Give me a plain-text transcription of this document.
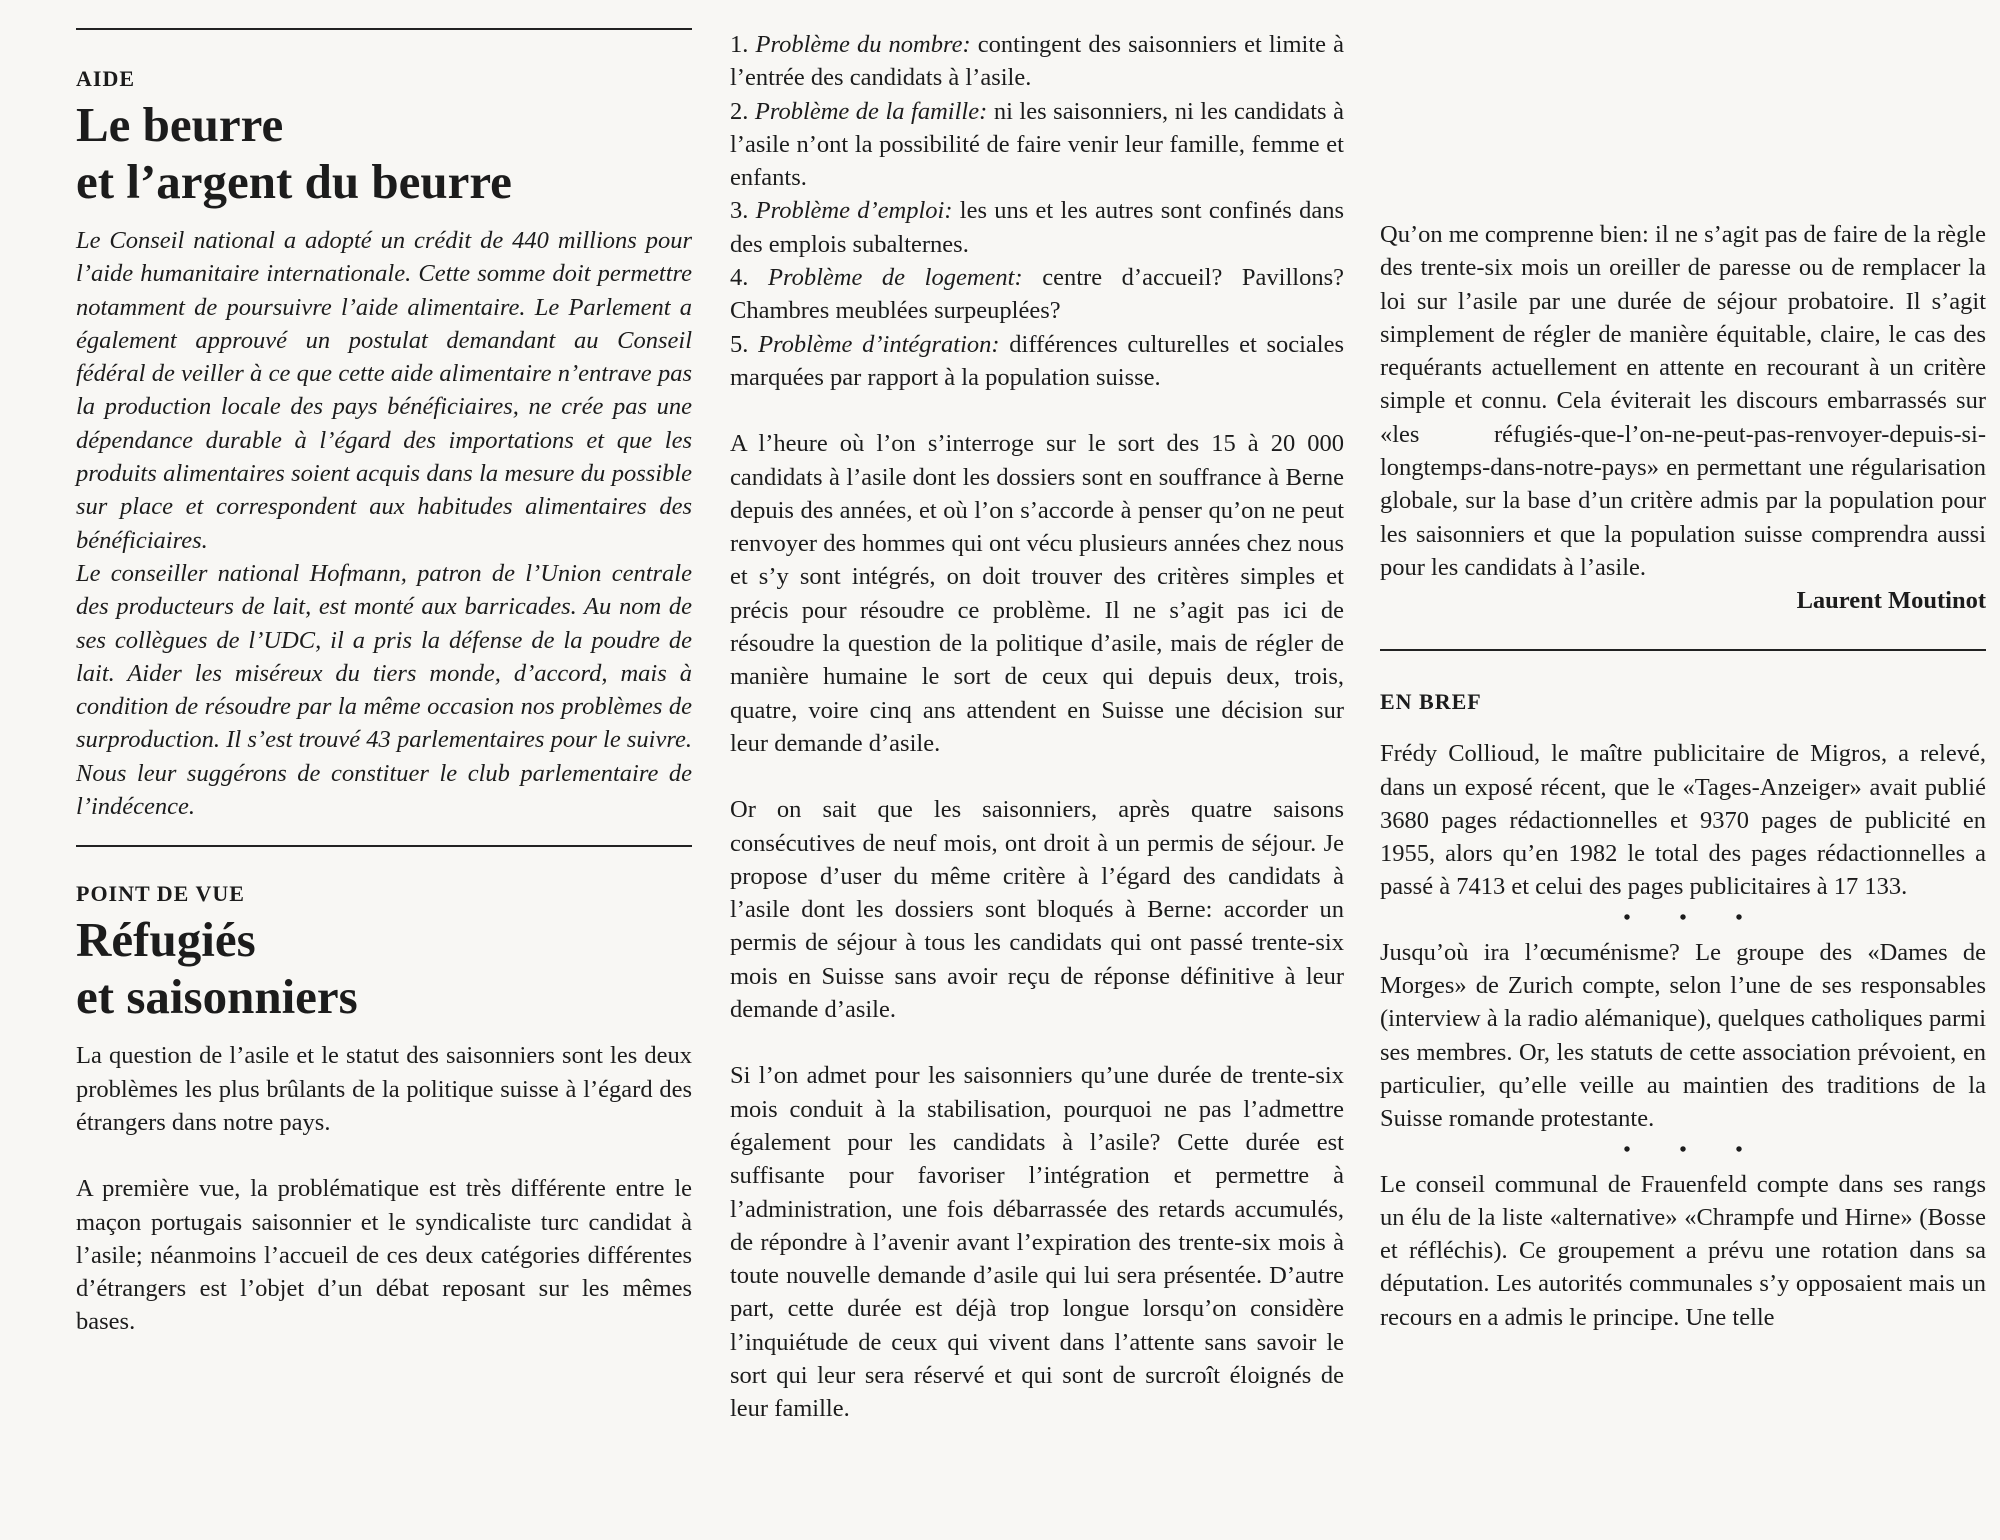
AIDE
Le beurre
et l’argent du beurre

Le Conseil national a adopté un crédit de 440 millions pour l’aide humanitaire internationale. Cette somme doit permettre notamment de poursuivre l’aide alimentaire. Le Parlement a également approuvé un postulat demandant au Conseil fédéral de veiller à ce que cette aide alimentaire n’entrave pas la production locale des pays bénéficiaires, ne crée pas une dépendance durable à l’égard des importations et que les produits alimentaires soient acquis dans la mesure du possible sur place et correspondent aux habitudes alimentaires des bénéficiaires.

Le conseiller national Hofmann, patron de l’Union centrale des producteurs de lait, est monté aux barricades. Au nom de ses collègues de l’UDC, il a pris la défense de la poudre de lait. Aider les miséreux du tiers monde, d’accord, mais à condition de résoudre par la même occasion nos problèmes de surproduction. Il s’est trouvé 43 parlementaires pour le suivre. Nous leur suggérons de constituer le club parlementaire de l’indécence.

POINT DE VUE
Réfugiés
et saisonniers

La question de l’asile et le statut des saisonniers sont les deux problèmes les plus brûlants de la politique suisse à l’égard des étrangers dans notre pays.

A première vue, la problématique est très différente entre le maçon portugais saisonnier et le syndicaliste turc candidat à l’asile; néanmoins l’accueil de ces deux catégories différentes d’étrangers est l’objet d’un débat reposant sur les mêmes bases.

1. Problème du nombre: contingent des saisonniers et limite à l’entrée des candidats à l’asile.

2. Problème de la famille: ni les saisonniers, ni les candidats à l’asile n’ont la possibilité de faire venir leur famille, femme et enfants.

3. Problème d’emploi: les uns et les autres sont confinés dans des emplois subalternes.

4. Problème de logement: centre d’accueil? Pavillons? Chambres meublées surpeuplées?

5. Problème d’intégration: différences culturelles et sociales marquées par rapport à la population suisse.

A l’heure où l’on s’interroge sur le sort des 15 à 20 000 candidats à l’asile dont les dossiers sont en souffrance à Berne depuis des années, et où l’on s’accorde à penser qu’on ne peut renvoyer des hommes qui ont vécu plusieurs années chez nous et s’y sont intégrés, on doit trouver des critères simples et précis pour résoudre ce problème. Il ne s’agit pas ici de résoudre la question de la politique d’asile, mais de régler de manière humaine le sort de ceux qui depuis deux, trois, quatre, voire cinq ans attendent en Suisse une décision sur leur demande d’asile.

Or on sait que les saisonniers, après quatre saisons consécutives de neuf mois, ont droit à un permis de séjour. Je propose d’user du même critère à l’égard des candidats à l’asile dont les dossiers sont bloqués à Berne: accorder un permis de séjour à tous les candidats qui ont passé trente-six mois en Suisse sans avoir reçu de réponse définitive à leur demande d’asile.

Si l’on admet pour les saisonniers qu’une durée de trente-six mois conduit à la stabilisation, pourquoi ne pas l’admettre également pour les candidats à l’asile? Cette durée est suffisante pour favoriser l’intégration et permettre à l’administration, une fois débarrassée des retards accumulés, de répondre à l’avenir avant l’expiration des trente-six mois à toute nouvelle demande d’asile qui lui sera présentée. D’autre part, cette durée est déjà trop longue lorsqu’on considère l’inquiétude de ceux qui vivent dans l’attente sans savoir le sort qui leur sera réservé et qui sont de surcroît éloignés de leur famille.

Qu’on me comprenne bien: il ne s’agit pas de faire de la règle des trente-six mois un oreiller de paresse ou de remplacer la loi sur l’asile par une durée de séjour probatoire. Il s’agit simplement de régler de manière équitable, claire, le cas des requérants actuellement en attente en recourant à un critère simple et connu. Cela éviterait les discours embarrassés sur «les réfugiés-que-l’on-ne-peut-pas-renvoyer-depuis-si-longtemps-dans-notre-pays» en permettant une régularisation globale, sur la base d’un critère admis par la population pour les saisonniers et que la population suisse comprendra aussi pour les candidats à l’asile.

Laurent Moutinot

EN BREF

Frédy Collioud, le maître publicitaire de Migros, a relevé, dans un exposé récent, que le «Tages-Anzeiger» avait publié 3680 pages rédactionnelles et 9370 pages de publicité en 1955, alors qu’en 1982 le total des pages rédactionnelles a passé à 7413 et celui des pages publicitaires à 17 133.

• • •

Jusqu’où ira l’œcuménisme? Le groupe des «Dames de Morges» de Zurich compte, selon l’une de ses responsables (interview à la radio alémanique), quelques catholiques parmi ses membres. Or, les statuts de cette association prévoient, en particulier, qu’elle veille au maintien des traditions de la Suisse romande protestante.

• • •

Le conseil communal de Frauenfeld compte dans ses rangs un élu de la liste «alternative» «Chrampfe und Hirne» (Bosse et réfléchis). Ce groupement a prévu une rotation dans sa députation. Les autorités communales s’y opposaient mais un recours en a admis le principe. Une telle
